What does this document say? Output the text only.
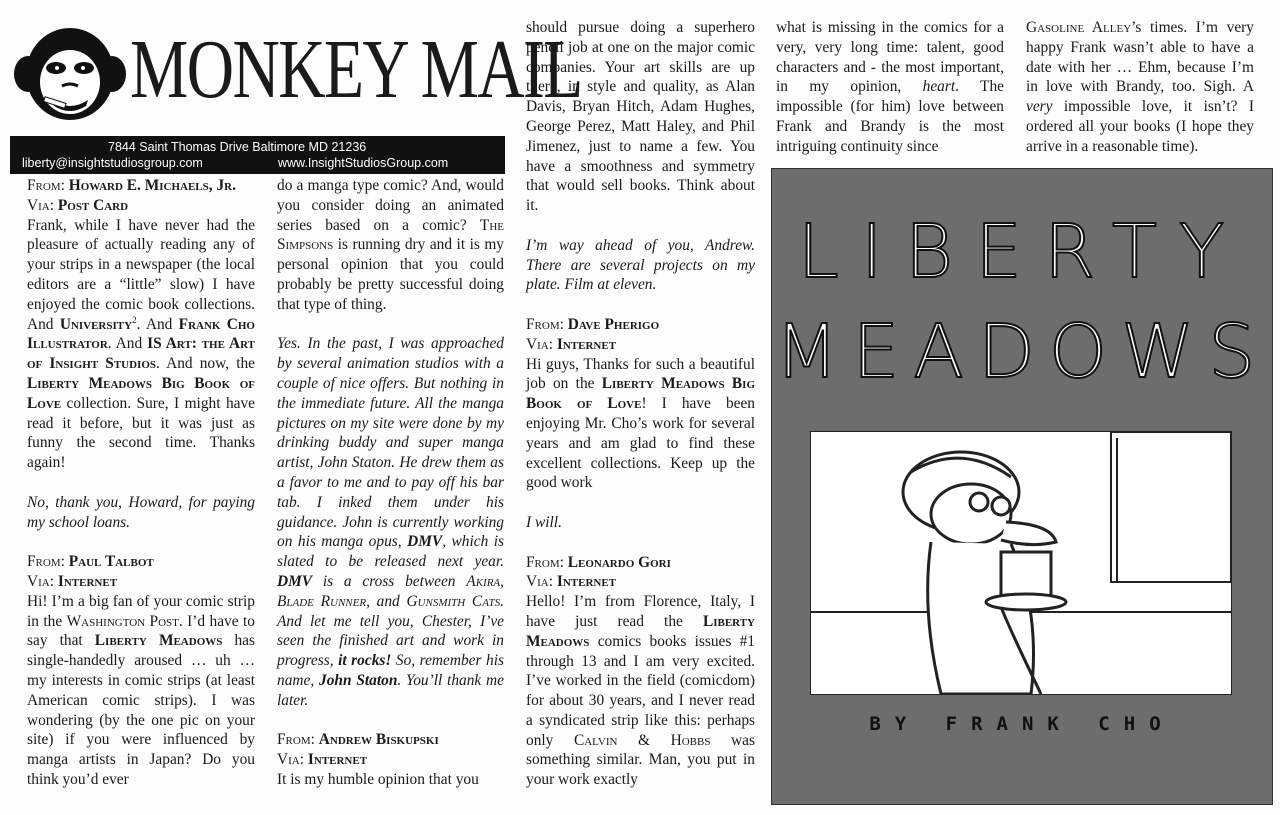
MONKEY MAIL
7844 Saint Thomas Drive Baltimore MD 21236
liberty@insightstudiosgroup.com	www.InsightStudiosGroup.com

From: Howard E. Michaels, Jr.

Via: Post Card

Frank, while I have never had the pleasure of actually reading any of your strips in a newspaper (the local editors are a “little” slow) I have enjoyed the comic book collections. And University$^2$. And Frank Cho Illustrator. And IS Art: the Art of Insight Studios. And now, the Liberty Meadows Big Book of Love collection. Sure, I might have read it before, but it was just as funny the second time. Thanks again!

No, thank you, Howard, for paying my school loans.

From: Paul Talbot

Via: Internet

Hi! I’m a big fan of your comic strip in the Washington Post. I’d have to say that Liberty Meadows has single-handedly aroused … uh … my interests in comic strips (at least American comic strips). I was wondering (by the one pic on your site) if you were influenced by manga artists in Japan? Do you think you’d ever

do a manga type comic? And, would you consider doing an animated series based on a comic? The Simpsons is running dry and it is my personal opinion that you could probably be pretty successful doing that type of thing.

Yes. In the past, I was approached by several animation studios with a couple of nice offers. But nothing in the immediate future. All the manga pictures on my site were done by my drinking buddy and super manga artist, John Staton. He drew them as a favor to me and to pay off his bar tab. I inked them under his guidance. John is currently working on his manga opus, DMV, which is slated to be released next year. DMV is a cross between Akira, Blade Runner, and Gunsmith Cats. And let me tell you, Chester, I’ve seen the finished art and work in progress, it rocks! So, remember his name, John Staton. You’ll thank me later.

From: Andrew Biskupski

Via: Internet

It is my humble opinion that you

should pursue doing a superhero pencil job at one on the major comic companies. Your art skills are up there, in style and quality, as Alan Davis, Bryan Hitch, Adam Hughes, George Perez, Matt Haley, and Phil Jimenez, just to name a few. You have a smoothness and symmetry that would sell books. Think about it.

I’m way ahead of you, Andrew. There are several projects on my plate. Film at eleven.

From: Dave Pherigo

Via: Internet

Hi guys, Thanks for such a beautiful job on the Liberty Meadows Big Book of Love! I have been enjoying Mr. Cho’s work for several years and am glad to find these excellent collections. Keep up the good work

I will.

From: Leonardo Gori

Via: Internet

Hello! I’m from Florence, Italy, I have just read the Liberty Meadows comics books issues #1 through 13 and I am very excited. I’ve worked in the field (comicdom) for about 30 years, and I never read a syndicated strip like this: perhaps only Calvin & Hobbs was something similar. Man, you put in your work exactly

what is missing in the comics for a very, very long time: talent, good characters and - the most important, in my opinion, heart. The impossible (for him) love between Frank and Brandy is the most intriguing continuity since

Gasoline Alley’s times. I’m very happy Frank wasn’t able to have a date with her … Ehm, because I’m in love with Brandy, too. Sigh. A very impossible love, it isn’t? I ordered all your books (I hope they arrive in a reasonable time).

LIBERTY
MEADOWS
BY FRANK CHO
